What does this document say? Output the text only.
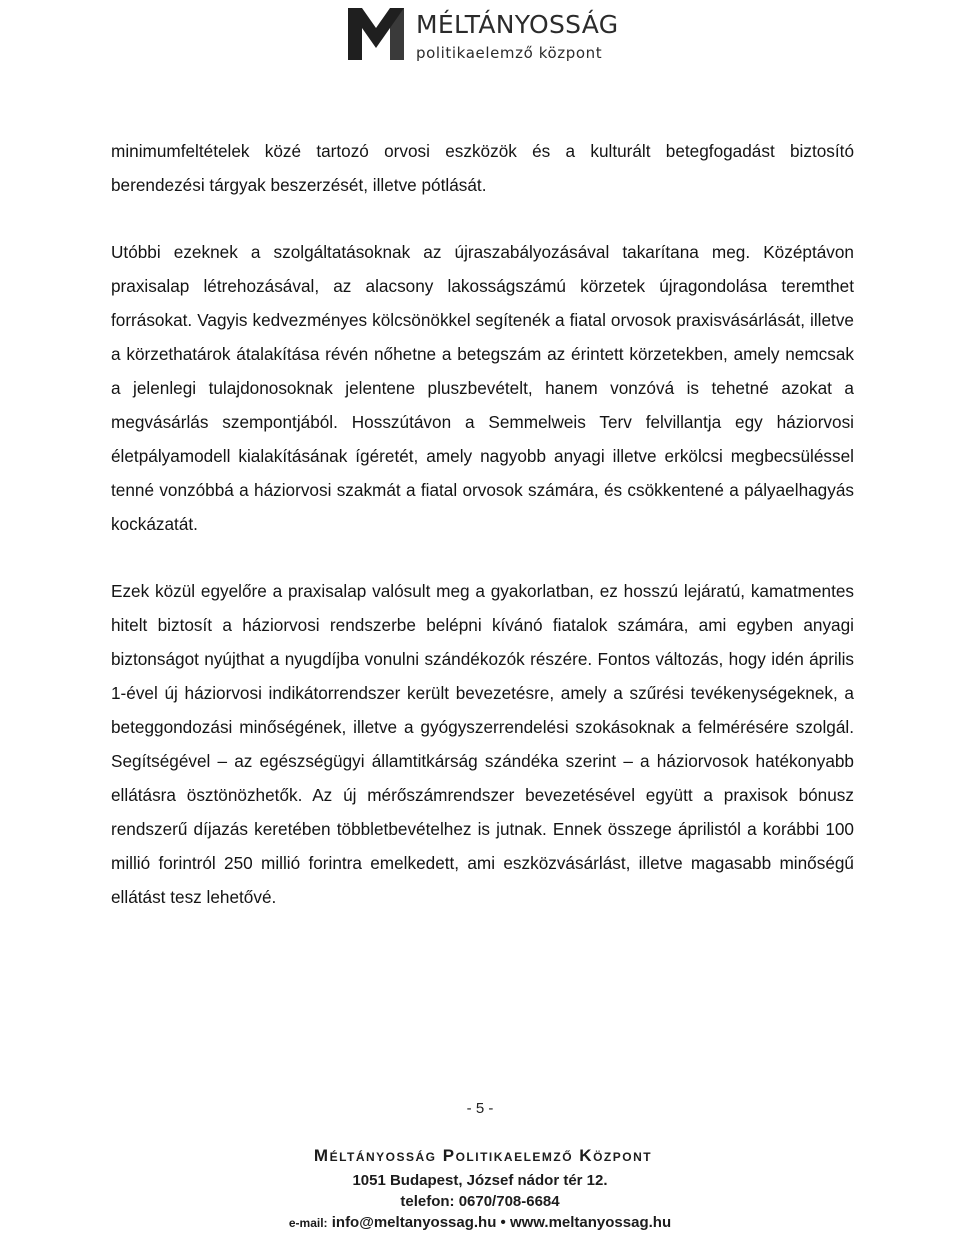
MÉLTÁNYOSSÁG
politikaelemző központ

minimumfeltételek közé tartozó orvosi eszközök és a kulturált betegfogadást biztosító berendezési tárgyak beszerzését, illetve pótlását.

Utóbbi ezeknek a szolgáltatásoknak az újraszabályozásával takarítana meg. Középtávon praxisalap létrehozásával, az alacsony lakosságszámú körzetek újragondolása teremthet forrásokat. Vagyis kedvezményes kölcsönökkel segítenék a fiatal orvosok praxisvásárlását, illetve a körzethatárok átalakítása révén nőhetne a betegszám az érintett körzetekben, amely nemcsak a jelenlegi tulajdonosoknak jelentene pluszbevételt, hanem vonzóvá is tehetné azokat a megvásárlás szempontjából. Hosszútávon a Semmelweis Terv felvillantja egy háziorvosi életpályamodell kialakításának ígéretét, amely nagyobb anyagi illetve erkölcsi megbecsüléssel tenné vonzóbbá a háziorvosi szakmát a fiatal orvosok számára, és csökkentené a pályaelhagyás kockázatát.

Ezek közül egyelőre a praxisalap valósult meg a gyakorlatban, ez hosszú lejáratú, kamatmentes hitelt biztosít a háziorvosi rendszerbe belépni kívánó fiatalok számára, ami egyben anyagi biztonságot nyújthat a nyugdíjba vonulni szándékozók részére. Fontos változás, hogy idén április 1-ével új háziorvosi indikátorrendszer került bevezetésre, amely a szűrési tevékenységeknek, a beteggondozási minőségének, illetve a gyógyszerrendelési szokásoknak a felmérésére szolgál. Segítségével – az egészségügyi államtitkárság szándéka szerint – a háziorvosok hatékonyabb ellátásra ösztönözhetők. Az új mérőszámrendszer bevezetésével együtt a praxisok bónusz rendszerű díjazás keretében többletbevételhez is jutnak. Ennek összege áprilistól a korábbi 100 millió forintról 250 millió forintra emelkedett, ami eszközvásárlást, illetve magasabb minőségű ellátást tesz lehetővé.

- 5 -
Méltányosság Politikaelemző Központ
1051 Budapest, József nádor tér 12.
telefon: 0670/708-6684
e-mail: info@meltanyossag.hu • www.meltanyossag.hu
